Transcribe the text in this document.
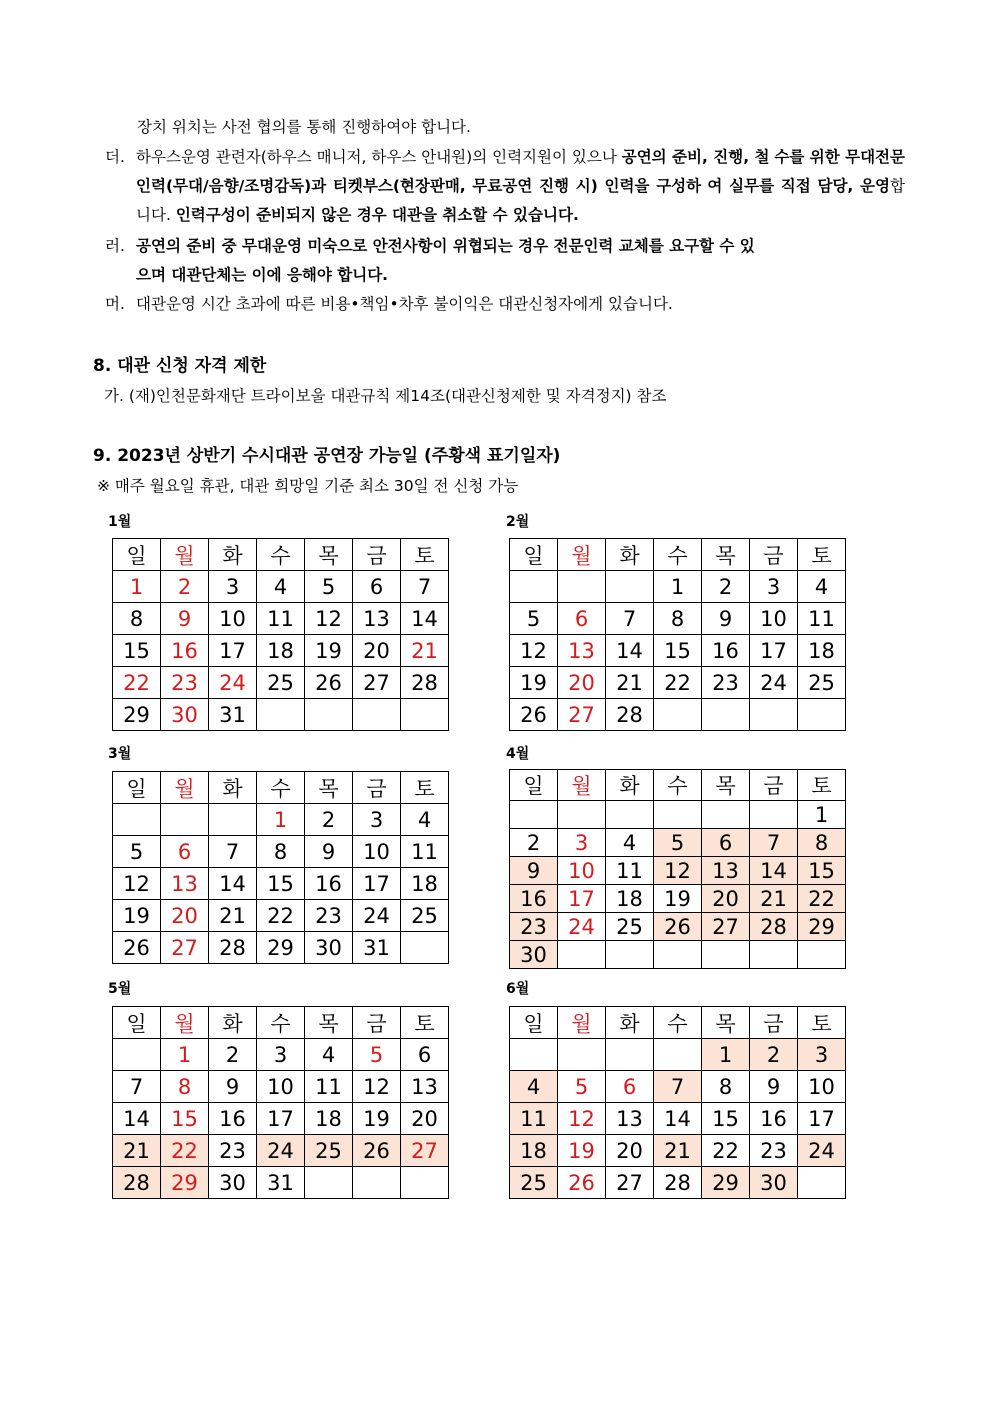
장치 위치는 사전 협의를 통해 진행하여야 합니다.
더. 하우스운영 관련자(하우스 매니저, 하우스 안내원)의 인력지원이 있으나 공연의 준비, 진행, 철 수를 위한 무대전문인력(무대/음향/조명감독)과 티켓부스(현장판매, 무료공연 진행 시) 인력을 구성하 여 실무를 직접 담당, 운영합니다. 인력구성이 준비되지 않은 경우 대관을 취소할 수 있습니다.
러. 공연의 준비 중 무대운영 미숙으로 안전사항이 위협되는 경우 전문인력 교체를 요구할 수 있
으며 대관단체는 이에 응해야 합니다.
머. 대관운영 시간 초과에 따른 비용•책임•차후 불이익은 대관신청자에게 있습니다.
8. 대관 신청 자격 제한
가. (재)인천문화재단 트라이보울 대관규칙 제14조(대관신청제한 및 자격정지) 참조
9. 2023년 상반기 수시대관 공연장 가능일 (주황색 표기일자)
※ 매주 월요일 휴관, 대관 희망일 기준 최소 30일 전 신청 가능
1월	2월
3월	4월
5월	6월
일	월	화	수	목	금	토
1	2	3	4	5	6	7
8	9	10	11	12	13	14
15	16	17	18	19	20	21
22	23	24	25	26	27	28
29	30	31				
일	월	화	수	목	금	토
			1	2	3	4
5	6	7	8	9	10	11
12	13	14	15	16	17	18
19	20	21	22	23	24	25
26	27	28				
일	월	화	수	목	금	토
			1	2	3	4
5	6	7	8	9	10	11
12	13	14	15	16	17	18
19	20	21	22	23	24	25
26	27	28	29	30	31	
일	월	화	수	목	금	토
						1
2	3	4	5	6	7	8
9	10	11	12	13	14	15
16	17	18	19	20	21	22
23	24	25	26	27	28	29
30						
일	월	화	수	목	금	토
	1	2	3	4	5	6
7	8	9	10	11	12	13
14	15	16	17	18	19	20
21	22	23	24	25	26	27
28	29	30	31			
일	월	화	수	목	금	토
				1	2	3
4	5	6	7	8	9	10
11	12	13	14	15	16	17
18	19	20	21	22	23	24
25	26	27	28	29	30	
